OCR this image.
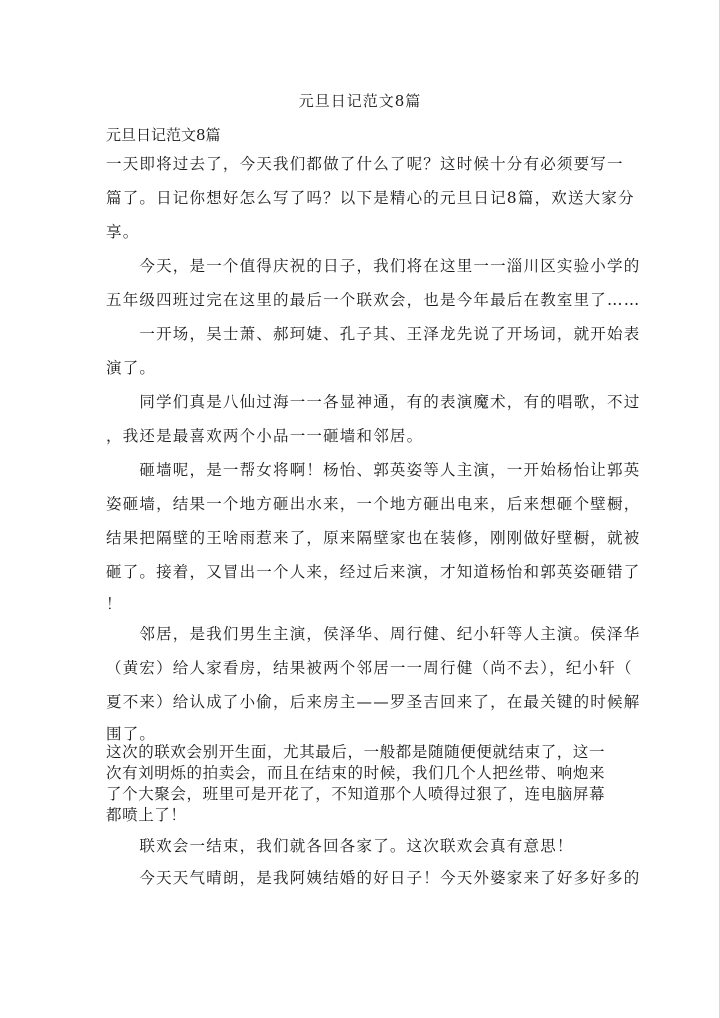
元旦日记范文8篇
元旦日记范文8篇
一天即将过去了，今天我们都做了什么了呢？这时候十分有必须要写一
篇了。日记你想好怎么写了吗？以下是精心的元旦日记8篇，欢送大家分
享。
　　今天，是一个值得庆祝的日子，我们将在这里一一淄川区实验小学的
五年级四班过完在这里的最后一个联欢会，也是今年最后在教室里了……
　　一开场，吴士萧、郝珂婕、孔子其、王泽龙先说了开场词，就开始表
演了。
　　同学们真是八仙过海一一各显神通，有的表演魔术，有的唱歌，不过
，我还是最喜欢两个小品一一砸墙和邻居。
　　砸墙呢，是一帮女将啊！杨怡、郭英姿等人主演，一开始杨怡让郭英
姿砸墙，结果一个地方砸出水来，一个地方砸出电来，后来想砸个壁橱，
结果把隔壁的王啥雨惹来了，原来隔壁家也在装修，刚刚做好壁橱，就被
砸了。接着，又冒出一个人来，经过后来演，才知道杨怡和郭英姿砸错了
！
　　邻居，是我们男生主演，侯泽华、周行健、纪小轩等人主演。侯泽华
（黄宏）给人家看房，结果被两个邻居一一周行健（尚不去），纪小轩（
夏不来）给认成了小偷，后来房主——罗圣吉回来了，在最关键的时候解
围了。
这次的联欢会别开生面，尤其最后，一般都是随随便便就结束了，这一
次有刘明烁的拍卖会，而且在结束的时候，我们几个人把丝带、响炮来
了个大聚会，班里可是开花了，不知道那个人喷得过狠了，连电脑屏幕
都喷上了！
　　联欢会一结束，我们就各回各家了。这次联欢会真有意思！
　　今天天气晴朗，是我阿姨结婚的好日子！今天外婆家来了好多好多的
